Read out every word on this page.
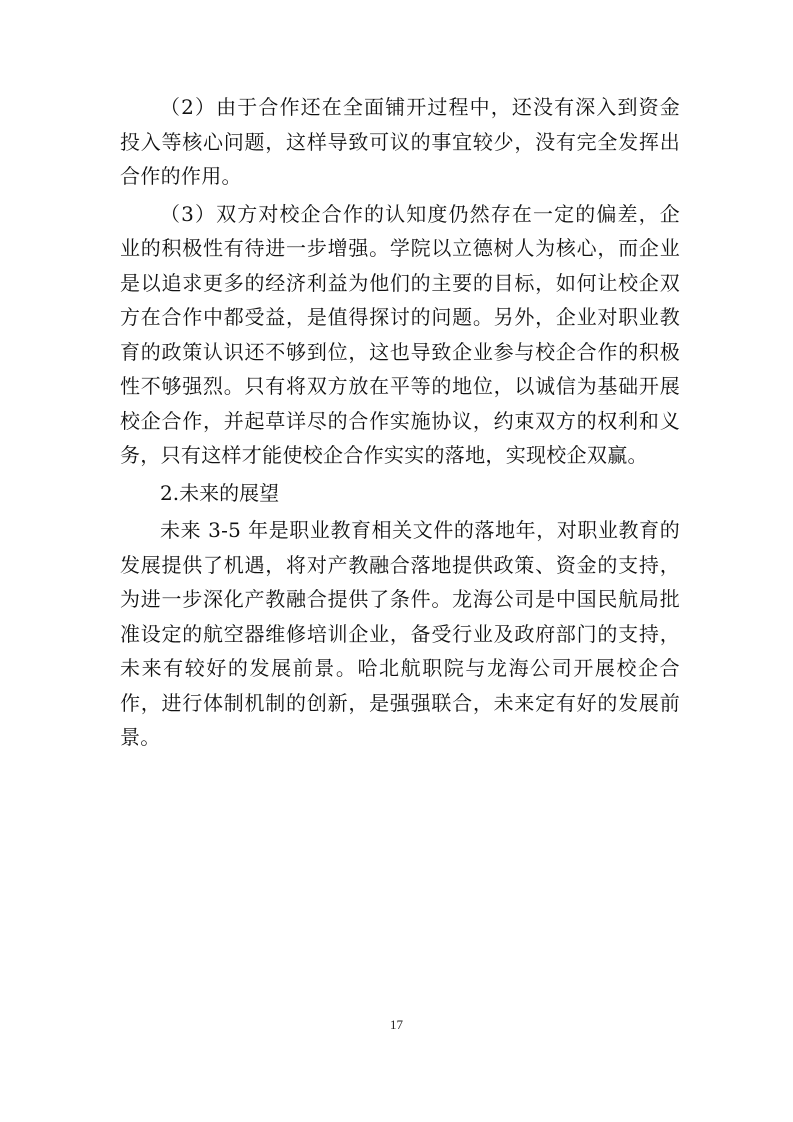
（2）由于合作还在全面铺开过程中，还没有深入到资金投入等核心问题，这样导致可议的事宜较少，没有完全发挥出合作的作用。

（3）双方对校企合作的认知度仍然存在一定的偏差，企业的积极性有待进一步增强。学院以立德树人为核心，而企业是以追求更多的经济利益为他们的主要的目标，如何让校企双方在合作中都受益，是值得探讨的问题。另外，企业对职业教育的政策认识还不够到位，这也导致企业参与校企合作的积极性不够强烈。只有将双方放在平等的地位，以诚信为基础开展校企合作，并起草详尽的合作实施协议，约束双方的权利和义务，只有这样才能使校企合作实实的落地，实现校企双赢。

2.未来的展望

未来 3-5 年是职业教育相关文件的落地年，对职业教育的发展提供了机遇，将对产教融合落地提供政策、资金的支持，为进一步深化产教融合提供了条件。龙海公司是中国民航局批准设定的航空器维修培训企业，备受行业及政府部门的支持，未来有较好的发展前景。哈北航职院与龙海公司开展校企合作，进行体制机制的创新，是强强联合，未来定有好的发展前景。

17
